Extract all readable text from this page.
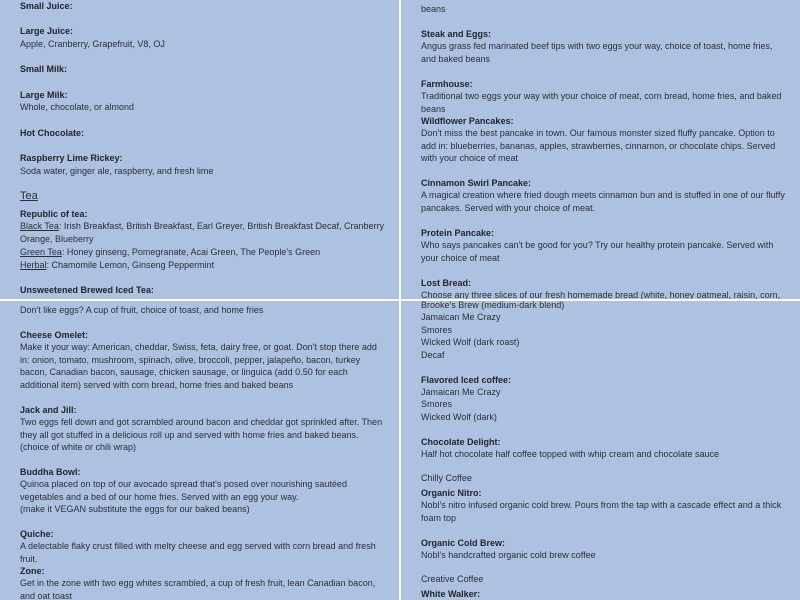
Small Juice:
Large Juice:
Apple, Cranberry, Grapefruit, V8, OJ
Small Milk:
Large Milk:
Whole, chocolate, or almond
Hot Chocolate:
Raspberry Lime Rickey:
Soda water, ginger ale, raspberry, and fresh lime
Tea
Republic of tea:
Black Tea: Irish Breakfast, British Breakfast, Earl Greyer, British Breakfast Decaf, Cranberry Orange, Blueberry
Green Tea: Honey ginseng, Pomegranate, Acai Green, The People's Green
Herbal: Chamomile Lemon, Ginseng Peppermint
Unsweetened Brewed Iced Tea:
beans
Steak and Eggs:
Angus grass fed marinated beef tips with two eggs your way, choice of toast, home fries, and baked beans
Farmhouse:
Traditional two eggs your way with your choice of meat, corn bread, home fries, and baked beans
Wildflower Pancakes:
Don't miss the best pancake in town. Our famous monster sized fluffy pancake. Option to add in: blueberries, bananas, apples, strawberries, cinnamon, or chocolate chips. Served with your choice of meat
Cinnamon Swirl Pancake:
A magical creation where fried dough meets cinnamon bun and is stuffed in one of our fluffy pancakes. Served with your choice of meat.
Protein Pancake:
Who says pancakes can't be good for you? Try our healthy protein pancake. Served with your choice of meat
Lost Bread:
Choose any three slices of our fresh homemade bread (white, honey oatmeal, raisin, corn,
Don't like eggs? A cup of fruit, choice of toast, and home fries
Cheese Omelet:
Make it your way: American, cheddar, Swiss, feta, dairy free, or goat. Don't stop there add in: onion, tomato, mushroom, spinach, olive, broccoli, pepper, jalapeño, bacon, turkey bacon, Canadian bacon, sausage, chicken sausage, or linguica (add 0.50 for each additional item) served with corn bread, home fries and baked beans
Jack and Jill:
Two eggs fell down and got scrambled around bacon and cheddar got sprinkled after. Then they all got stuffed in a delicious roll up and served with home fries and baked beans. (choice of white or chili wrap)
Buddha Bowl:
Quinoa placed on top of our avocado spread that's posed over nourishing sautéed vegetables and a bed of our home fries. Served with an egg your way.
(make it VEGAN substitute the eggs for our baked beans)
Quiche:
A delectable flaky crust filled with melty cheese and egg served with corn bread and fresh fruit.
Zone:
Get in the zone with two egg whites scrambled, a cup of fresh fruit, lean Canadian bacon, and oat toast
Brooke's Brew (medium-dark blend)
Jamaican Me Crazy
Smores
Wicked Wolf (dark roast)
Decaf
Flavored Iced coffee:
Jamaican Me Crazy
Smores
Wicked Wolf (dark)
Chocolate Delight:
Half hot chocolate half coffee topped with whip cream and chocolate sauce
Chilly Coffee
Organic Nitro:
Nobl's nitro infused organic cold brew. Pours from the tap with a cascade effect and a thick foam top
Organic Cold Brew:
Nobl's handcrafted organic cold brew coffee
Creative Coffee
White Walker:
